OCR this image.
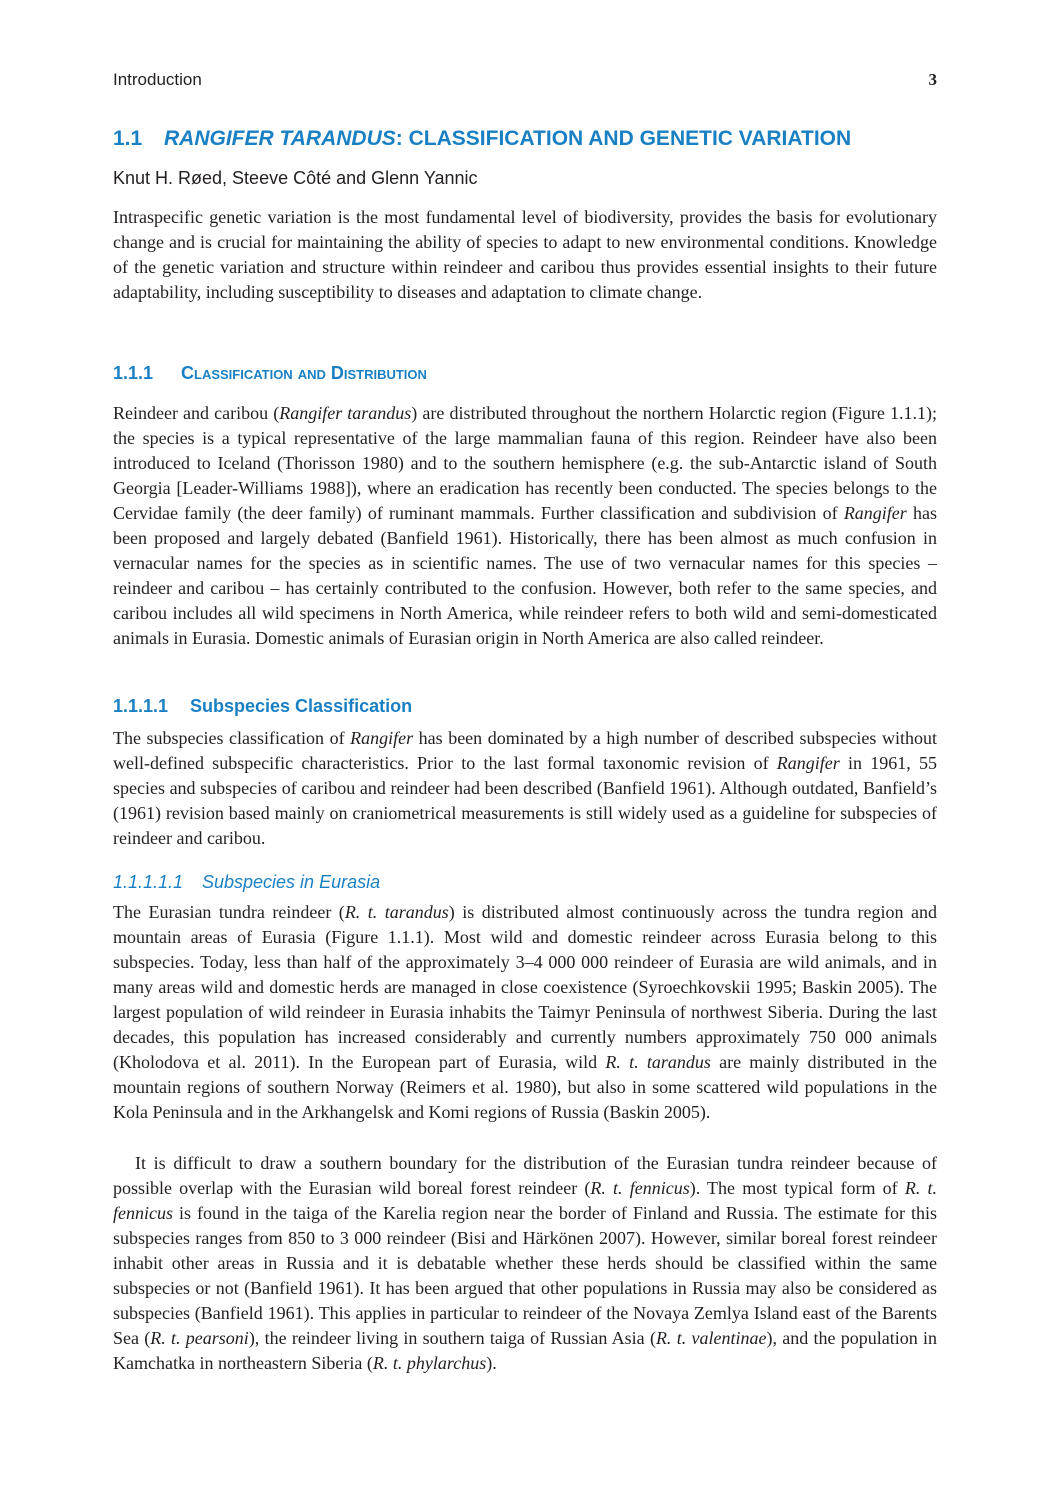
Introduction	3
1.1 RANGIFER TARANDUS: CLASSIFICATION AND GENETIC VARIATION
Knut H. Røed, Steeve Côté and Glenn Yannic

Intraspecific genetic variation is the most fundamental level of biodiversity, provides the basis for evolutionary change and is crucial for maintaining the ability of species to adapt to new environmental conditions. Knowledge of the genetic variation and structure within reindeer and caribou thus provides essential insights to their future adaptability, including susceptibility to diseases and adaptation to climate change.

1.1.1 Classification and Distribution

Reindeer and caribou (Rangifer tarandus) are distributed throughout the northern Holarctic region (Figure 1.1.1); the species is a typical representative of the large mammalian fauna of this region. Reindeer have also been introduced to Iceland (Thorisson 1980) and to the southern hemisphere (e.g. the sub-Antarctic island of South Georgia [Leader-Williams 1988]), where an eradication has recently been conducted. The species belongs to the Cervidae family (the deer family) of ruminant mammals. Further classification and subdivision of Rangifer has been proposed and largely debated (Banfield 1961). Historically, there has been almost as much confusion in vernacular names for the species as in scientific names. The use of two vernacular names for this species – reindeer and caribou – has certainly contributed to the confusion. However, both refer to the same species, and caribou includes all wild specimens in North America, while reindeer refers to both wild and semi-domesticated animals in Eurasia. Domestic animals of Eurasian origin in North America are also called reindeer.

1.1.1.1 Subspecies Classification

The subspecies classification of Rangifer has been dominated by a high number of described subspecies without well-defined subspecific characteristics. Prior to the last formal taxonomic revision of Rangifer in 1961, 55 species and subspecies of caribou and reindeer had been described (Banfield 1961). Although outdated, Banfield’s (1961) revision based mainly on craniometrical measurements is still widely used as a guideline for subspecies of reindeer and caribou.

1.1.1.1.1 Subspecies in Eurasia

The Eurasian tundra reindeer (R. t. tarandus) is distributed almost continuously across the tundra region and mountain areas of Eurasia (Figure 1.1.1). Most wild and domestic reindeer across Eurasia belong to this subspecies. Today, less than half of the approximately 3–4 000 000 reindeer of Eurasia are wild animals, and in many areas wild and domestic herds are managed in close coexistence (Syroechkovskii 1995; Baskin 2005). The largest population of wild reindeer in Eurasia inhabits the Taimyr Peninsula of northwest Siberia. During the last decades, this population has increased considerably and currently numbers approximately 750 000 animals (Kholodova et al. 2011). In the European part of Eurasia, wild R. t. tarandus are mainly distributed in the mountain regions of southern Norway (Reimers et al. 1980), but also in some scattered wild populations in the Kola Peninsula and in the Arkhangelsk and Komi regions of Russia (Baskin 2005).

It is difficult to draw a southern boundary for the distribution of the Eurasian tundra reindeer because of possible overlap with the Eurasian wild boreal forest reindeer (R. t. fennicus). The most typical form of R. t. fennicus is found in the taiga of the Karelia region near the border of Finland and Russia. The estimate for this subspecies ranges from 850 to 3 000 reindeer (Bisi and Härkönen 2007). However, similar boreal forest reindeer inhabit other areas in Russia and it is debatable whether these herds should be classified within the same subspecies or not (Banfield 1961). It has been argued that other populations in Russia may also be considered as subspecies (Banfield 1961). This applies in particular to reindeer of the Novaya Zemlya Island east of the Barents Sea (R. t. pearsoni), the reindeer living in southern taiga of Russian Asia (R. t. valentinae), and the population in Kamchatka in northeastern Siberia (R. t. phylarchus).
